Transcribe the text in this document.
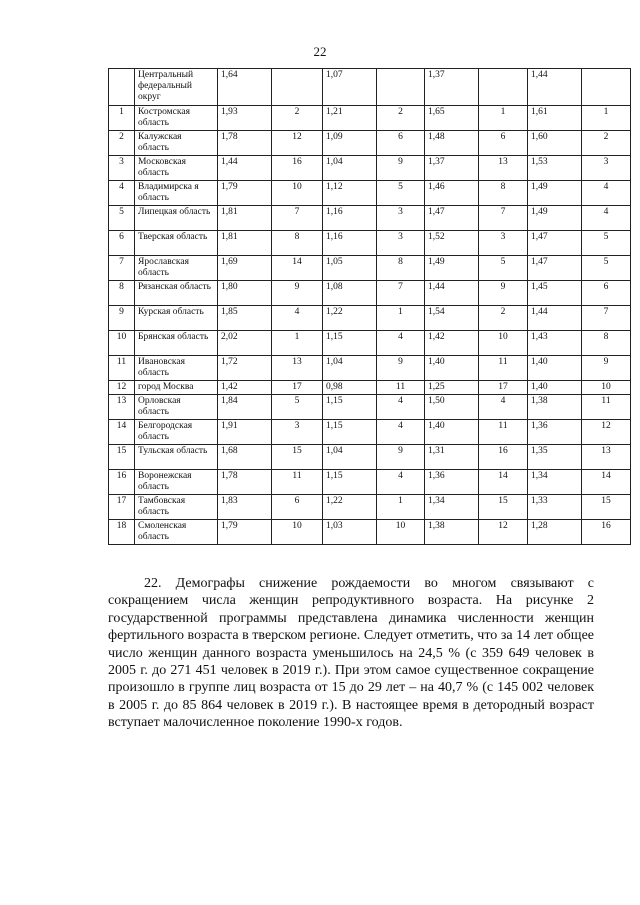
22
	Центральный федеральный округ	1,64		1,07		1,37		1,44	
1	Костромская область	1,93	2	1,21	2	1,65	1	1,61	1
2	Калужская область	1,78	12	1,09	6	1,48	6	1,60	2
3	Московская область	1,44	16	1,04	9	1,37	13	1,53	3
4	Владимирска я область	1,79	10	1,12	5	1,46	8	1,49	4
5	Липецкая область	1,81	7	1,16	3	1,47	7	1,49	4
6	Тверская область	1,81	8	1,16	3	1,52	3	1,47	5
7	Ярославская область	1,69	14	1,05	8	1,49	5	1,47	5
8	Рязанская область	1,80	9	1,08	7	1,44	9	1,45	6
9	Курская область	1,85	4	1,22	1	1,54	2	1,44	7
10	Брянская область	2,02	1	1,15	4	1,42	10	1,43	8
11	Ивановская область	1,72	13	1,04	9	1,40	11	1,40	9
12	город Москва	1,42	17	0,98	11	1,25	17	1,40	10
13	Орловская область	1,84	5	1,15	4	1,50	4	1,38	11
14	Белгородская область	1,91	3	1,15	4	1,40	11	1,36	12
15	Тульская область	1,68	15	1,04	9	1,31	16	1,35	13
16	Воронежская область	1,78	11	1,15	4	1,36	14	1,34	14
17	Тамбовская область	1,83	6	1,22	1	1,34	15	1,33	15
18	Смоленская область	1,79	10	1,03	10	1,38	12	1,28	16

22. Демографы снижение рождаемости во многом связывают с сокращением числа женщин репродуктивного возраста. На рисунке 2 государственной программы представлена динамика численности женщин фертильного возраста в тверском регионе. Следует отметить, что за 14 лет общее число женщин данного возраста уменьшилось на 24,5 % (с 359 649 человек в 2005 г. до 271 451 человек в 2019 г.). При этом самое существенное сокращение произошло в группе лиц возраста от 15 до 29 лет – на 40,7 % (с 145 002 человек в 2005 г. до 85 864 человек в 2019 г.). В настоящее время в детородный возраст вступает малочисленное поколение 1990-х годов.
